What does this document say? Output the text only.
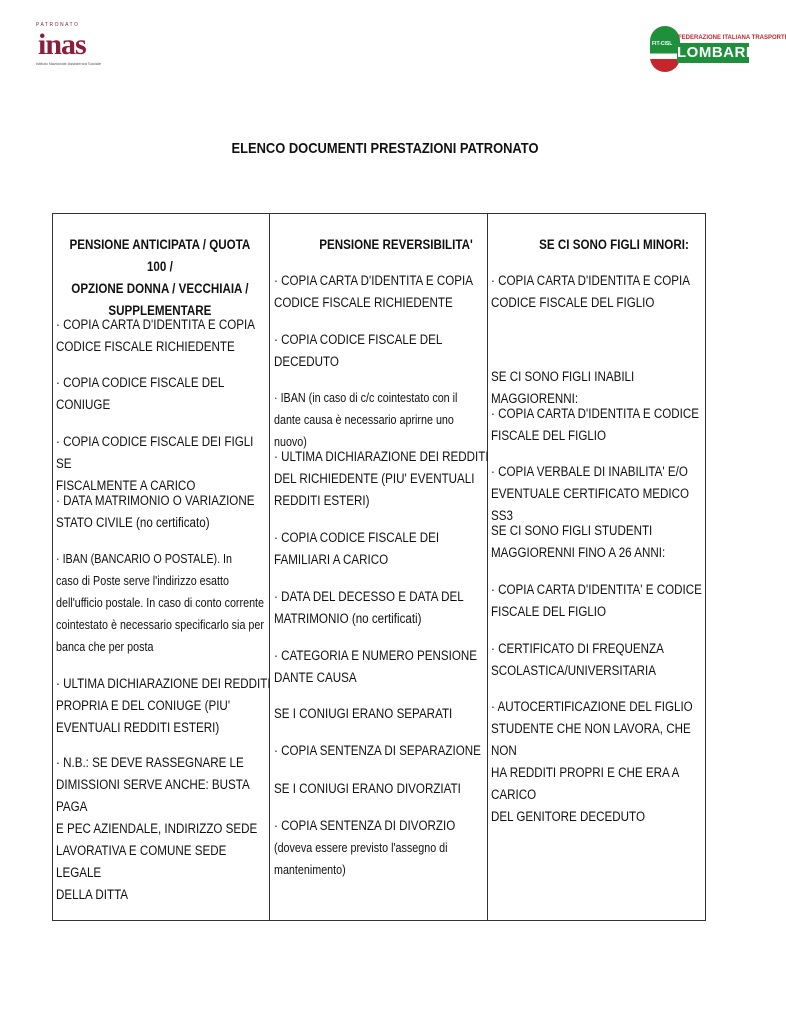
PATRONATO
inas
Istituto Nazionale Assistenza Sociale
FIT-CISL
FEDERAZIONE ITALIANA TRASPORTI
LOMBARDIA
ELENCO DOCUMENTI PRESTAZIONI PATRONATO
PENSIONE ANTICIPATA / QUOTA 100 /
OPZIONE DONNA / VECCHIAIA /
SUPPLEMENTARE
· COPIA CARTA D'IDENTITA E COPIA
CODICE FISCALE RICHIEDENTE
· COPIA CODICE FISCALE DEL
CONIUGE
· COPIA CODICE FISCALE DEI FIGLI SE
FISCALMENTE A CARICO
· DATA MATRIMONIO O VARIAZIONE
STATO CIVILE (no certificato)
· IBAN (BANCARIO O POSTALE). In
caso di Poste serve l'indirizzo esatto
dell'ufficio postale. In caso di conto corrente
cointestato è necessario specificarlo sia per
banca che per posta
· ULTIMA DICHIARAZIONE DEI REDDITI
PROPRIA E DEL CONIUGE (PIU'
EVENTUALI REDDITI ESTERI)
· N.B.: SE DEVE RASSEGNARE LE
DIMISSIONI SERVE ANCHE: BUSTA PAGA
E PEC AZIENDALE, INDIRIZZO SEDE
LAVORATIVA E COMUNE SEDE LEGALE
DELLA DITTA
PENSIONE REVERSIBILITA'
· COPIA CARTA D'IDENTITA E COPIA
CODICE FISCALE RICHIEDENTE
· COPIA CODICE FISCALE DEL
DECEDUTO
· IBAN (in caso di c/c cointestato con il
dante causa è necessario aprirne uno nuovo)
· ULTIMA DICHIARAZIONE DEI REDDITI
DEL RICHIEDENTE (PIU' EVENTUALI
REDDITI ESTERI)
· COPIA CODICE FISCALE DEI
FAMILIARI A CARICO
· DATA DEL DECESSO E DATA DEL
MATRIMONIO (no certificati)
· CATEGORIA E NUMERO PENSIONE
DANTE CAUSA
SE I CONIUGI ERANO SEPARATI
· COPIA SENTENZA DI SEPARAZIONE
SE I CONIUGI ERANO DIVORZIATI
· COPIA SENTENZA DI DIVORZIO
(doveva essere previsto l'assegno di
mantenimento)
SE CI SONO FIGLI MINORI:
· COPIA CARTA D'IDENTITA E COPIA
CODICE FISCALE DEL FIGLIO
SE CI SONO FIGLI INABILI MAGGIORENNI:
· COPIA CARTA D'IDENTITA E CODICE
FISCALE DEL FIGLIO
· COPIA VERBALE DI INABILITA' E/O
EVENTUALE CERTIFICATO MEDICO SS3
SE CI SONO FIGLI STUDENTI
MAGGIORENNI FINO A 26 ANNI:
· COPIA CARTA D'IDENTITA' E CODICE
FISCALE DEL FIGLIO
· CERTIFICATO DI FREQUENZA
SCOLASTICA/UNIVERSITARIA
· AUTOCERTIFICAZIONE DEL FIGLIO
STUDENTE CHE NON LAVORA, CHE NON
HA REDDITI PROPRI E CHE ERA A CARICO
DEL GENITORE DECEDUTO
